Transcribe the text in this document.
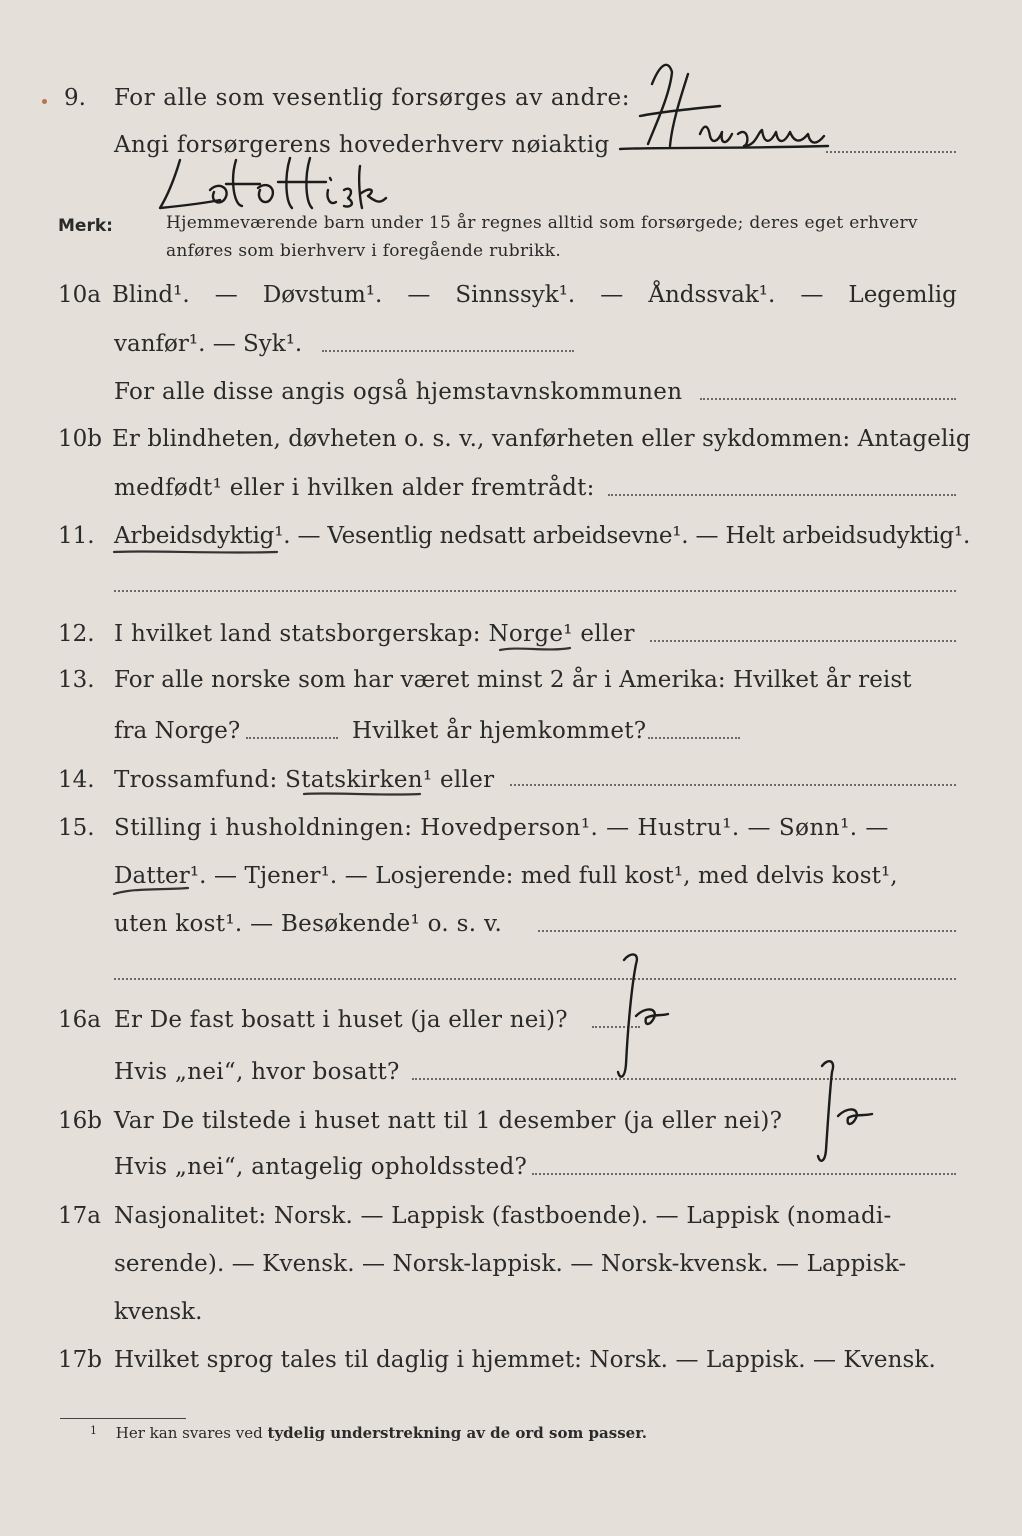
9. For alle som vesentlig forsørges av andre:
Angi forsørgerens hovederhverv nøiaktig
Merk:	Hjemmeværende barn under 15 år regnes alltid som forsørgede; deres eget erhverv
anføres som bierhverv i foregående rubrikk.
10a Blind¹. — Døvstum¹. — Sinnssyk¹. — Åndssvak¹. — Legemlig
vanfør¹. — Syk¹.
For alle disse angis også hjemstavnskommunen
10b Er blindheten, døvheten o. s. v., vanførheten eller sykdommen: Antagelig
medfødt¹ eller i hvilken alder fremtrådt:
11. Arbeidsdyktig¹. — Vesentlig nedsatt arbeidsevne¹. — Helt arbeidsudyktig¹.
12. I hvilket land statsborgerskap: Norge¹ eller
13. For alle norske som har været minst 2 år i Amerika: Hvilket år reist
fra Norge?	Hvilket år hjemkommet?
14. Trossamfund: Statskirken¹ eller
15. Stilling i husholdningen: Hovedperson¹. — Hustru¹. — Sønn¹. —
Datter¹. — Tjener¹. — Losjerende: med full kost¹, med delvis kost¹,
uten kost¹. — Besøkende¹ o. s. v.
16a Er De fast bosatt i huset (ja eller nei)?
Hvis „nei“, hvor bosatt?
16b Var De tilstede i huset natt til 1 desember (ja eller nei)?
Hvis „nei“, antagelig opholdssted?
17a Nasjonalitet: Norsk. — Lappisk (fastboende). — Lappisk (nomadi-
serende). — Kvensk. — Norsk-lappisk. — Norsk-kvensk. — Lappisk-
kvensk.
17b Hvilket sprog tales til daglig i hjemmet: Norsk. — Lappisk. — Kvensk.
$^1$ Her kan svares ved tydelig understrekning av de ord som passer.
